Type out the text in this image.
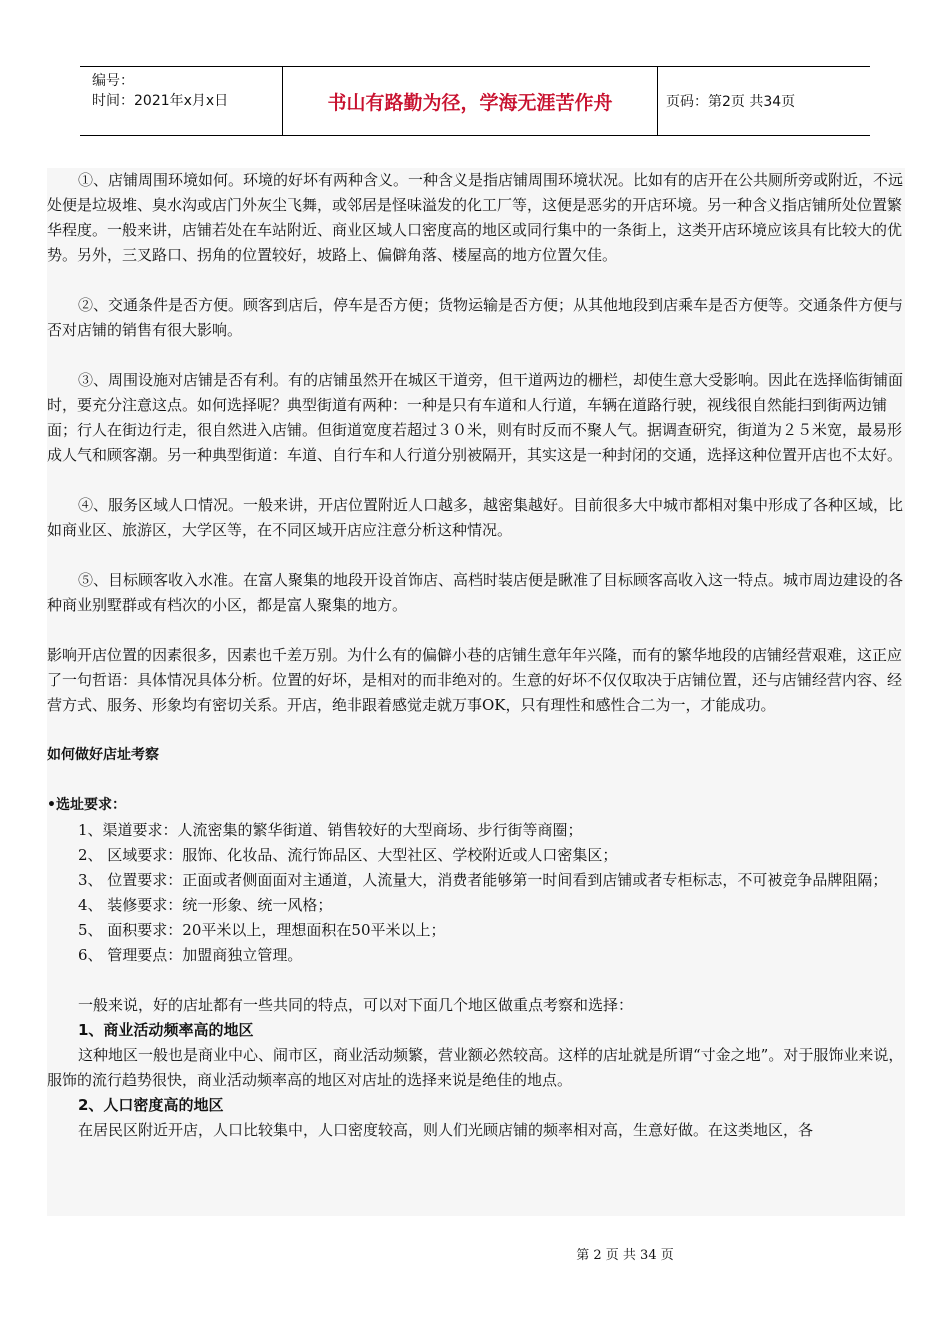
编号：
时间：2021年x月x日	书山有路勤为径，学海无涯苦作舟	页码：第2页 共34页

①、店铺周围环境如何。环境的好坏有两种含义。一种含义是指店铺周围环境状况。比如有的店开在公共厕所旁或附近，不远处便是垃圾堆、臭水沟或店门外灰尘飞舞，或邻居是怪味溢发的化工厂等，这便是恶劣的开店环境。另一种含义指店铺所处位置繁华程度。一般来讲，店铺若处在车站附近、商业区域人口密度高的地区或同行集中的一条街上，这类开店环境应该具有比较大的优势。另外，三叉路口、拐角的位置较好，坡路上、偏僻角落、楼屋高的地方位置欠佳。

②、交通条件是否方便。顾客到店后，停车是否方便；货物运输是否方便；从其他地段到店乘车是否方便等。交通条件方便与否对店铺的销售有很大影响。

③、周围设施对店铺是否有利。有的店铺虽然开在城区干道旁，但干道两边的栅栏，却使生意大受影响。因此在选择临街铺面时，要充分注意这点。如何选择呢？典型街道有两种：一种是只有车道和人行道，车辆在道路行驶，视线很自然能扫到街两边铺面；行人在街边行走，很自然进入店铺。但街道宽度若超过３０米，则有时反而不聚人气。据调查研究，街道为２５米宽，最易形成人气和顾客潮。另一种典型街道：车道、自行车和人行道分别被隔开，其实这是一种封闭的交通，选择这种位置开店也不太好。

④、服务区域人口情况。一般来讲，开店位置附近人口越多，越密集越好。目前很多大中城市都相对集中形成了各种区域，比如商业区、旅游区，大学区等，在不同区域开店应注意分析这种情况。

⑤、目标顾客收入水准。在富人聚集的地段开设首饰店、高档时装店便是瞅准了目标顾客高收入这一特点。城市周边建设的各种商业别墅群或有档次的小区，都是富人聚集的地方。

影响开店位置的因素很多，因素也千差万别。为什么有的偏僻小巷的店铺生意年年兴隆，而有的繁华地段的店铺经营艰难，这正应了一句哲语：具体情况具体分析。位置的好坏，是相对的而非绝对的。生意的好坏不仅仅取决于店铺位置，还与店铺经营内容、经营方式、服务、形象均有密切关系。开店，绝非跟着感觉走就万事OK，只有理性和感性合二为一，才能成功。

如何做好店址考察

•选址要求：

1、渠道要求：人流密集的繁华街道、销售较好的大型商场、步行街等商圈；

2、 区域要求：服饰、化妆品、流行饰品区、大型社区、学校附近或人口密集区；

3、 位置要求：正面或者侧面面对主通道，人流量大，消费者能够第一时间看到店铺或者专柜标志，不可被竞争品牌阻隔；

4、 装修要求：统一形象、统一风格；

5、 面积要求：20平米以上，理想面积在50平米以上；

6、 管理要点：加盟商独立管理。

一般来说，好的店址都有一些共同的特点，可以对下面几个地区做重点考察和选择：

1、商业活动频率高的地区

这种地区一般也是商业中心、闹市区，商业活动频繁，营业额必然较高。这样的店址就是所谓“寸金之地”。对于服饰业来说，服饰的流行趋势很快，商业活动频率高的地区对店址的选择来说是绝佳的地点。

2、人口密度高的地区

在居民区附近开店，人口比较集中，人口密度较高，则人们光顾店铺的频率相对高，生意好做。在这类地区，各

第 2 页 共 34 页
